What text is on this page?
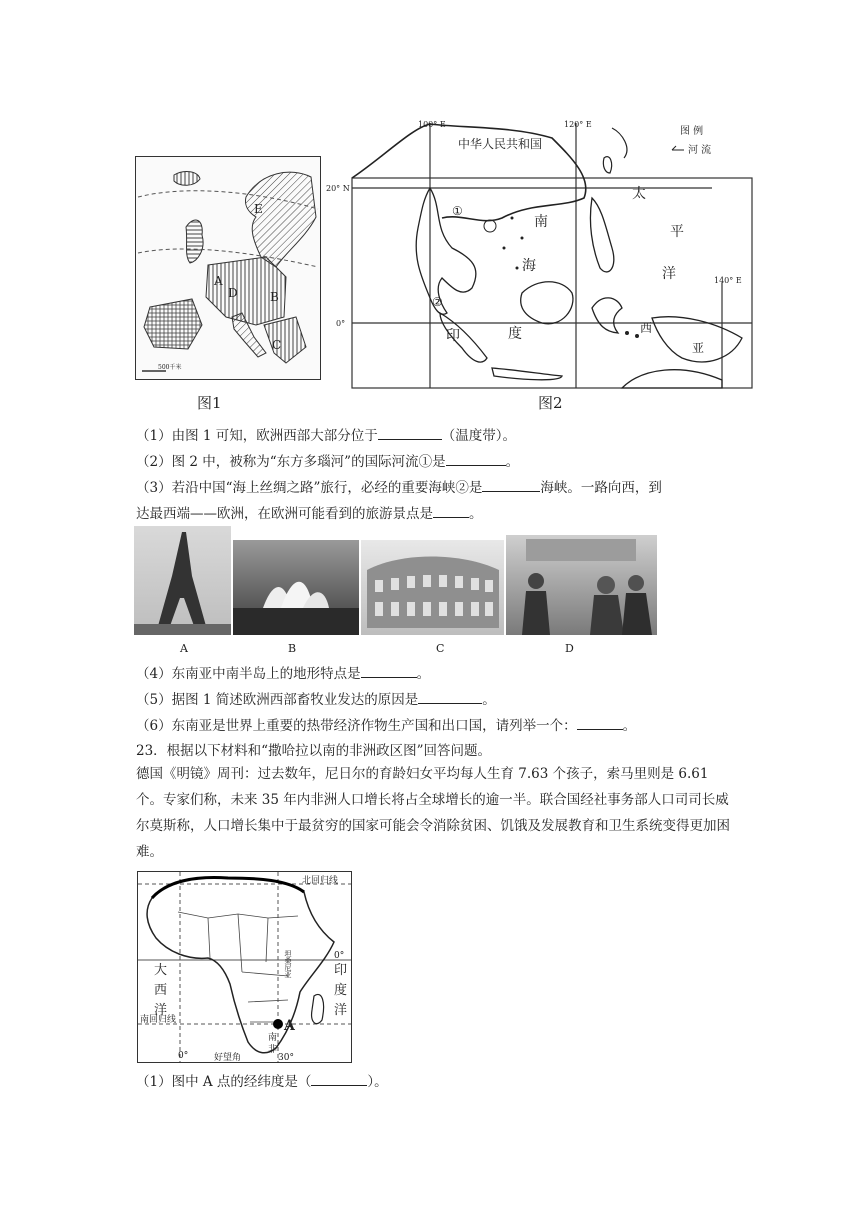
E
A
D	B
C
500千米
图1
100° E	120° E
140° E
20° N
0°
中华人民共和国
图 例
河 流
①
②
南
海
太
平
洋
印	度	西
亚
图2
（1）由图 1 可知，欧洲西部大部分位于	（温度带）。
（2）图 2 中，被称为“东方多瑙河”的国际河流①是	。
（3）若沿中国“海上丝绸之路”旅行，必经的重要海峡②是	海峡。一路向西，到
达最西端——欧洲，在欧洲可能看到的旅游景点是	。
A	B	C	D
（4）东南亚中南半岛上的地形特点是	。
（5）据图 1 简述欧洲西部畜牧业发达的原因是	。
（6）东南亚是世界上重要的热带经济作物生产国和出口国，请列举一个：	。
23．根据以下材料和“撒哈拉以南的非洲政区图”回答问题。
德国《明镜》周刊：过去数年，尼日尔的育龄妇女平均每人生育 7.63 个孩子，索马里则是 6.61 个。专家们称，未来 35 年内非洲人口增长将占全球增长的逾一半。联合国经社事务部人口司司长威尔莫斯称，人口增长集中于最贫穷的国家可能会令消除贫困、饥饿及发展教育和卫生系统变得更加困难。
北回归线
0°
南回归线
大
西
洋
印
度
洋
坦桑尼亚
A
南
非
0°	好望角	30°
（1）图中 A 点的经纬度是（	）。
